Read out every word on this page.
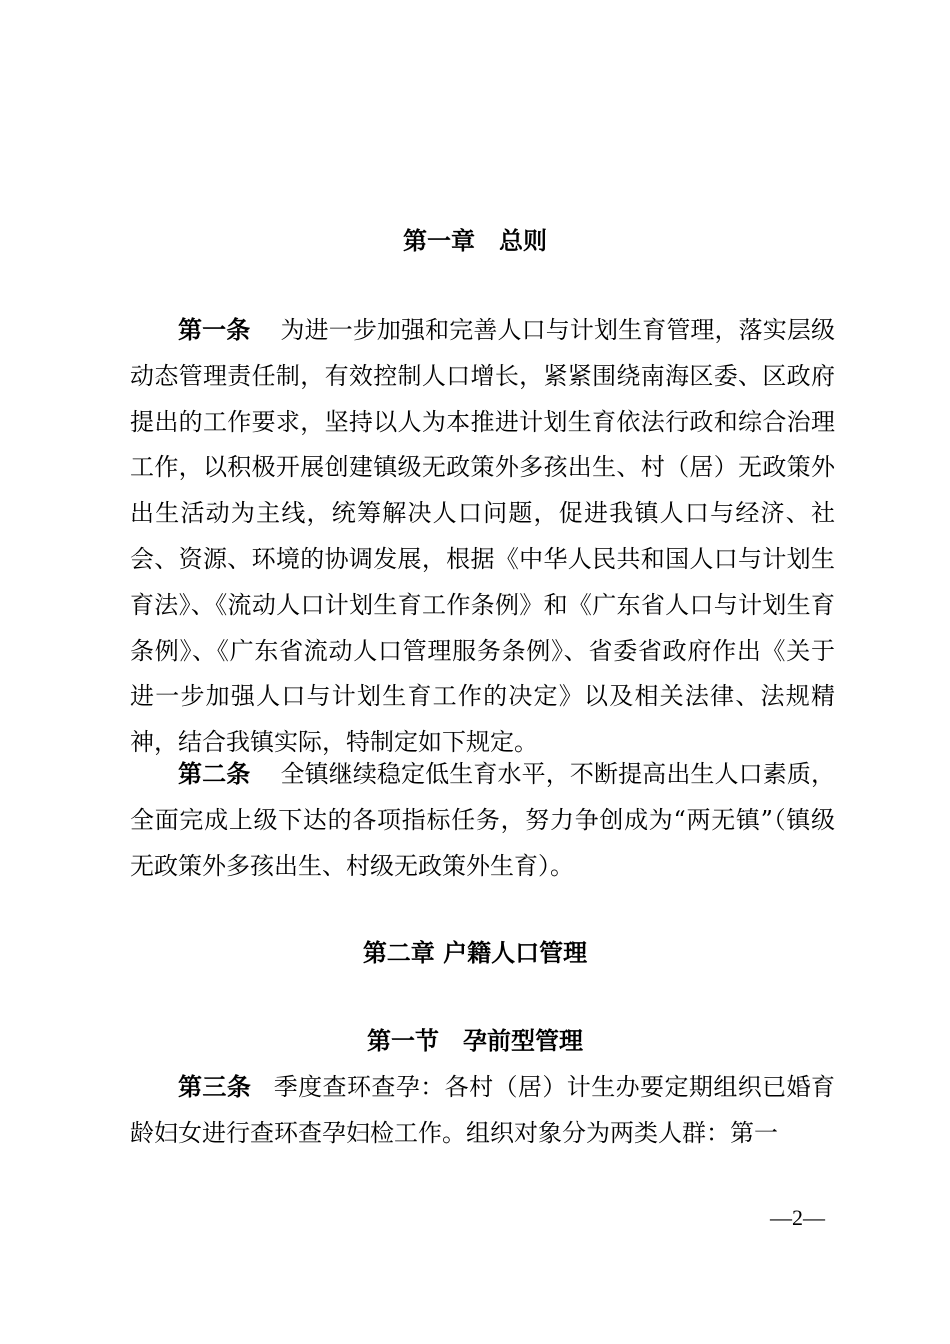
第一章　总则

第一条 为进一步加强和完善人口与计划生育管理，落实层级动态管理责任制，有效控制人口增长，紧紧围绕南海区委、区政府提出的工作要求，坚持以人为本推进计划生育依法行政和综合治理工作，以积极开展创建镇级无政策外多孩出生、村（居）无政策外出生活动为主线，统筹解决人口问题，促进我镇人口与经济、社会、资源、环境的协调发展，根据《中华人民共和国人口与计划生育法》、《流动人口计划生育工作条例》和《广东省人口与计划生育条例》、《广东省流动人口管理服务条例》、省委省政府作出《关于进一步加强人口与计划生育工作的决定》以及相关法律、法规精神，结合我镇实际，特制定如下规定。

第二条 全镇继续稳定低生育水平，不断提高出生人口素质，全面完成上级下达的各项指标任务，努力争创成为“两无镇”（镇级无政策外多孩出生、村级无政策外生育）。

第二章 户籍人口管理
第一节　孕前型管理

第三条 季度查环查孕：各村（居）计生办要定期组织已婚育龄妇女进行查环查孕妇检工作。组织对象分为两类人群：第一

—2—
